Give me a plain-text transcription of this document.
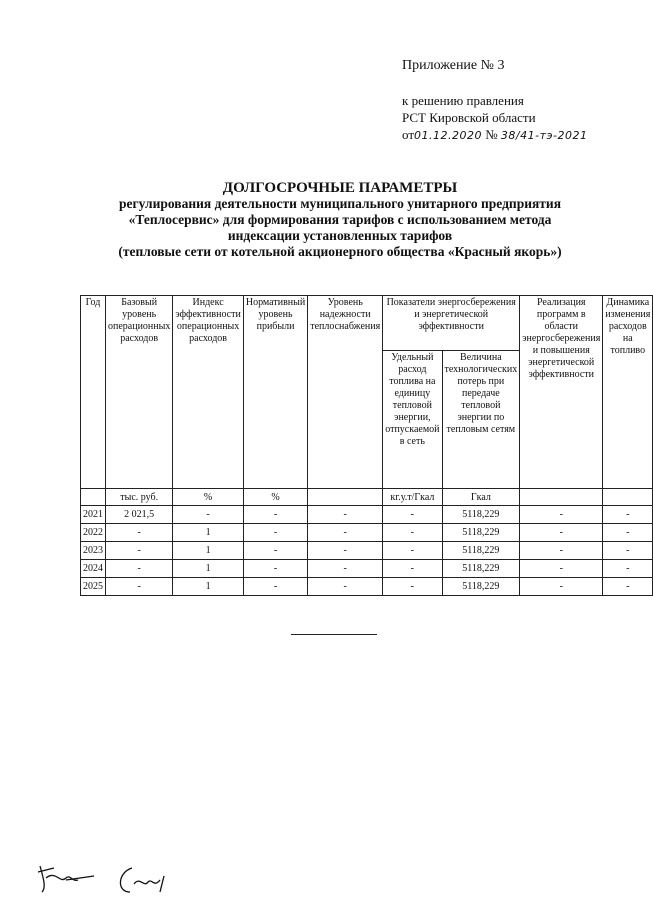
Приложение № 3
к решению правления
РСТ Кировской области
от01.12.2020 № 38/41-тэ-2021
ДОЛГОСРОЧНЫЕ ПАРАМЕТРЫ
регулирования деятельности муниципального унитарного предприятия
«Теплосервис» для формирования тарифов с использованием метода
индексации установленных тарифов
(тепловые сети от котельной акционерного общества «Красный якорь»)
Год	Базовый уровень операционных расходов	Индекс эффективности операционных расходов	Нормативный уровень прибыли	Уровень надежности теплоснабжения	Показатели энергосбережения и энергетической эффективности		Реализация программ в области энергосбережения и повышения энергетической эффективности	Динамика изменения расходов на топливо
					Удельный расход топлива на единицу тепловой энергии, отпускаемой в сеть	Величина технологических потерь при передаче тепловой энергии по тепловым сетям		
	тыс. руб.	%	%		кг.у.т/Гкал	Гкал		
2021	2 021,5	-	-	-	-	5118,229	-	-
2022	-	1	-	-	-	5118,229	-	-
2023	-	1	-	-	-	5118,229	-	-
2024	-	1	-	-	-	5118,229	-	-
2025	-	1	-	-	-	5118,229	-	-
